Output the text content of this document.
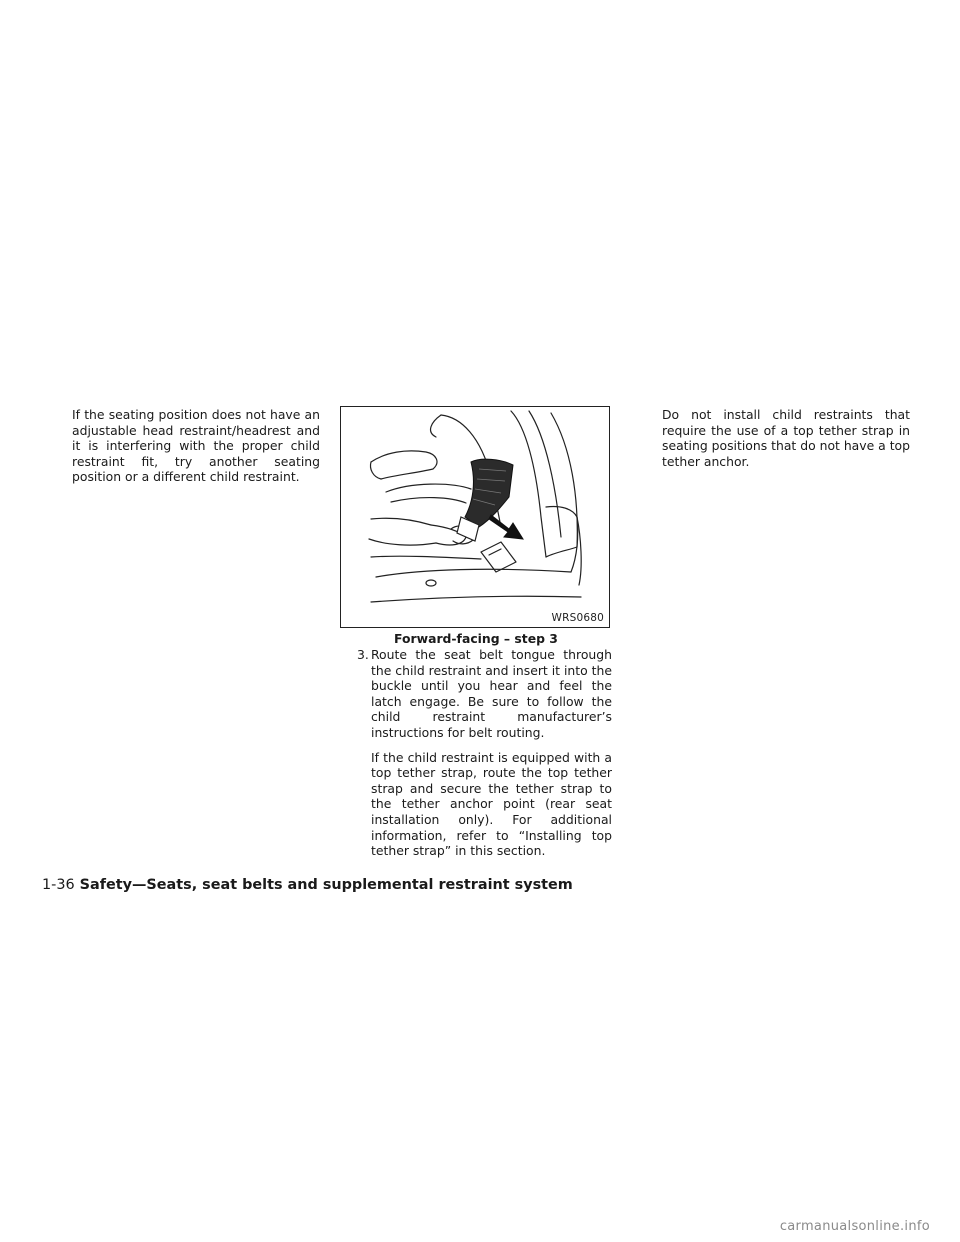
If the seating position does not have an adjustable head restraint/headrest and it is interfering with the proper child restraint fit, try another seating position or a different child restraint.
WRS0680
Forward-facing – step 3
3. Route the seat belt tongue through the child restraint and insert it into the buckle until you hear and feel the latch engage. Be sure to follow the child restraint manufacturer’s instructions for belt routing.
If the child restraint is equipped with a top tether strap, route the top tether strap and secure the tether strap to the tether anchor point (rear seat installation only). For additional information, refer to “Installing top tether strap” in this section.
Do not install child restraints that require the use of a top tether strap in seating positions that do not have a top tether anchor.
1-36 Safety—Seats, seat belts and supplemental restraint system
carmanualsonline.info
